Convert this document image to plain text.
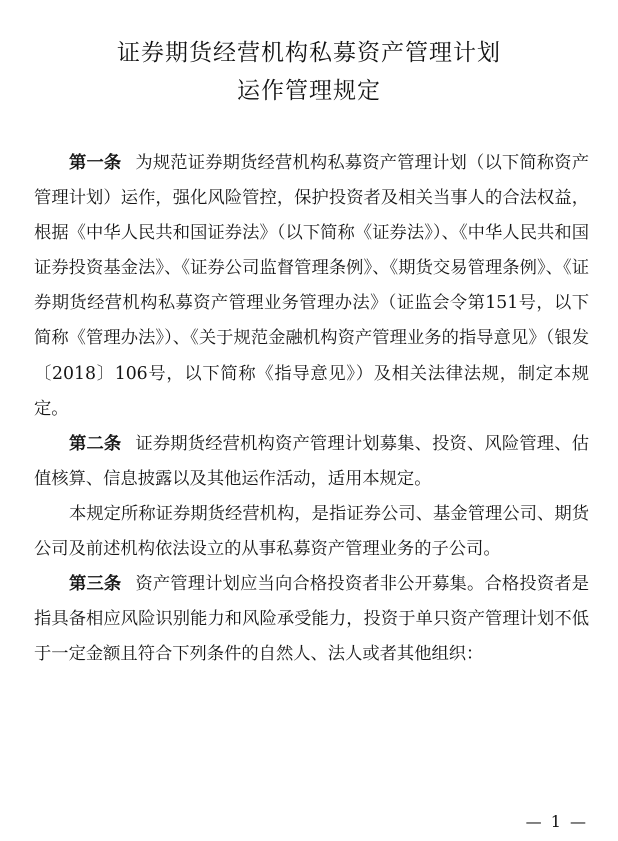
证券期货经营机构私募资产管理计划
运作管理规定

第一条 为规范证券期货经营机构私募资产管理计划（以下简称资产管理计划）运作，强化风险管控，保护投资者及相关当事人的合法权益，根据《中华人民共和国证券法》（以下简称《证券法》）、《中华人民共和国证券投资基金法》、《证券公司监督管理条例》、《期货交易管理条例》、《证券期货经营机构私募资产管理业务管理办法》（证监会令第151号，以下简称《管理办法》）、《关于规范金融机构资产管理业务的指导意见》（银发〔2018〕106号，以下简称《指导意见》）及相关法律法规，制定本规定。

第二条 证券期货经营机构资产管理计划募集、投资、风险管理、估值核算、信息披露以及其他运作活动，适用本规定。

本规定所称证券期货经营机构，是指证券公司、基金管理公司、期货公司及前述机构依法设立的从事私募资产管理业务的子公司。

第三条 资产管理计划应当向合格投资者非公开募集。合格投资者是指具备相应风险识别能力和风险承受能力，投资于单只资产管理计划不低于一定金额且符合下列条件的自然人、法人或者其他组织：

— 1 —
